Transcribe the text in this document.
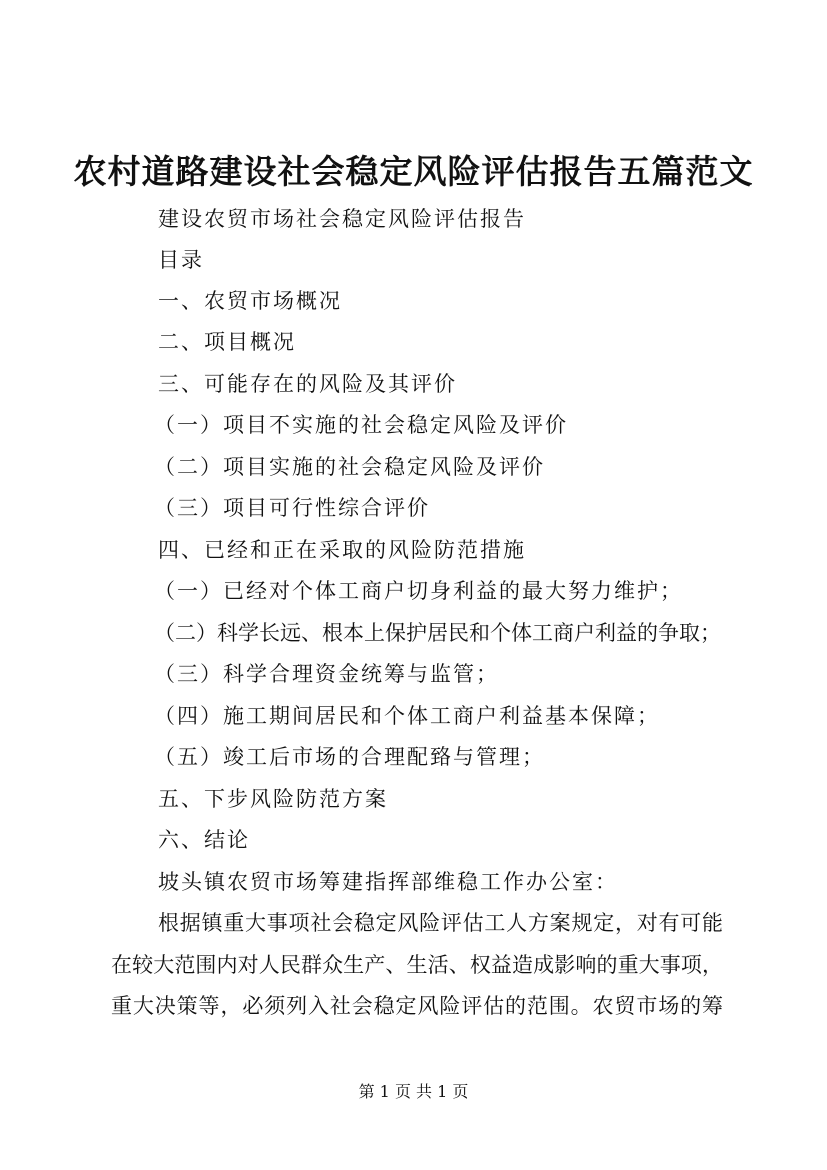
农村道路建设社会稳定风险评估报告五篇范文
建设农贸市场社会稳定风险评估报告
目录
一、农贸市场概况
二、项目概况
三、可能存在的风险及其评价
（一）项目不实施的社会稳定风险及评价
（二）项目实施的社会稳定风险及评价
（三）项目可行性综合评价
四、已经和正在采取的风险防范措施
（一）已经对个体工商户切身利益的最大努力维护；
（二）科学长远、根本上保护居民和个体工商户利益的争取；
（三）科学合理资金统筹与监管；
（四）施工期间居民和个体工商户利益基本保障；
（五）竣工后市场的合理配臵与管理；
五、下步风险防范方案
六、结论
坡头镇农贸市场筹建指挥部维稳工作办公室：
根据镇重大事项社会稳定风险评估工人方案规定，对有可能
在较大范围内对人民群众生产、生活、权益造成影响的重大事项，
重大决策等，必须列入社会稳定风险评估的范围。农贸市场的筹
第 1 页 共 1 页
